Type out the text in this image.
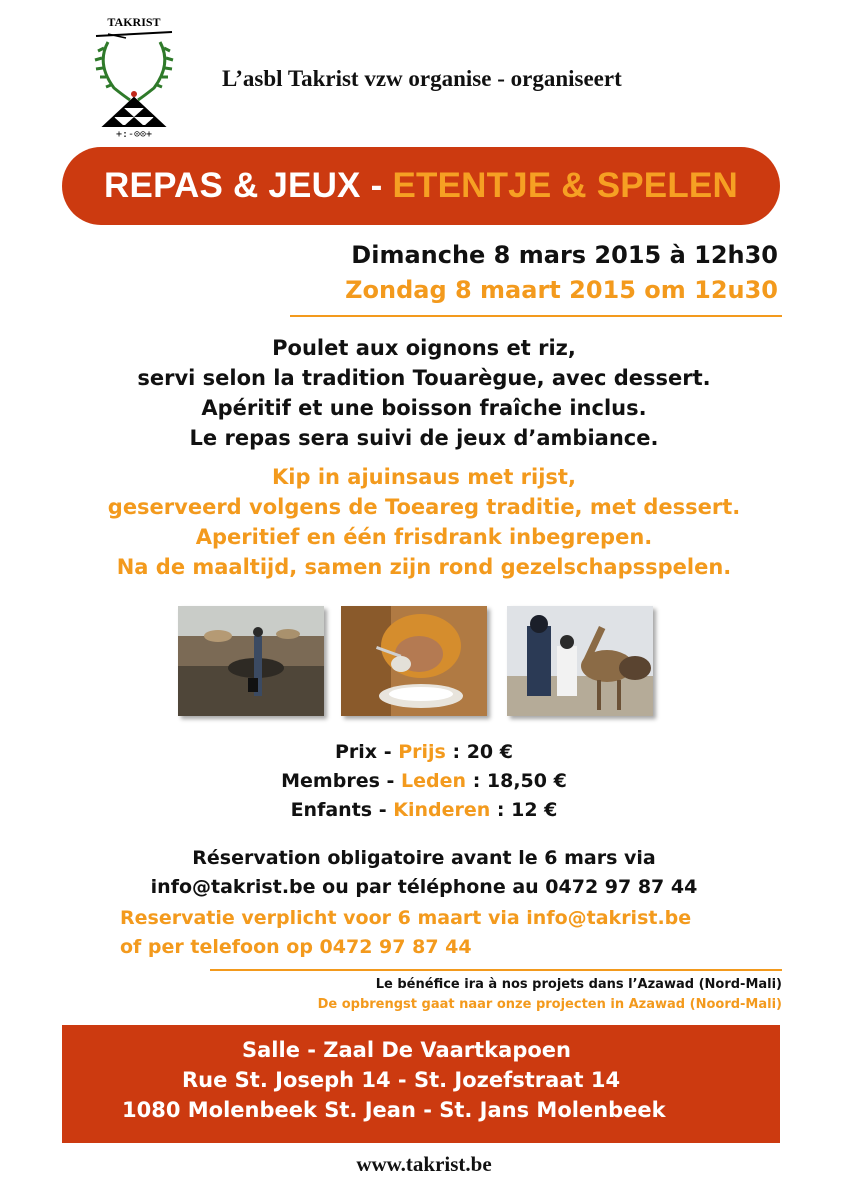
TAKRIST
+:-⊙⊙+
L’asbl Takrist vzw organise - organiseert
REPAS & JEUX - ETENTJE & SPELEN
Dimanche 8 mars 2015 à 12h30
Zondag 8 maart 2015 om 12u30
Poulet aux oignons et riz,
servi selon la tradition Touarègue, avec dessert.
Apéritif et une boisson fraîche inclus.
Le repas sera suivi de jeux d’ambiance.
Kip in ajuinsaus met rijst,
geserveerd volgens de Toeareg traditie, met dessert.
Aperitief en één frisdrank inbegrepen.
Na de maaltijd, samen zijn rond gezelschapsspelen.
Prix - Prijs : 20 €
Membres - Leden : 18,50 €
Enfants - Kinderen : 12 €
Réservation obligatoire avant le 6 mars via
info@takrist.be ou par téléphone au 0472 97 87 44
Reservatie verplicht voor 6 maart via info@takrist.be
of per telefoon op 0472 97 87 44
Le bénéfice ira à nos projets dans l’Azawad (Nord-Mali)
De opbrengst gaat naar onze projecten in Azawad (Noord-Mali)
Salle - Zaal De Vaartkapoen
Rue St. Joseph 14 - St. Jozefstraat 14
1080 Molenbeek St. Jean - St. Jans Molenbeek
www.takrist.be
